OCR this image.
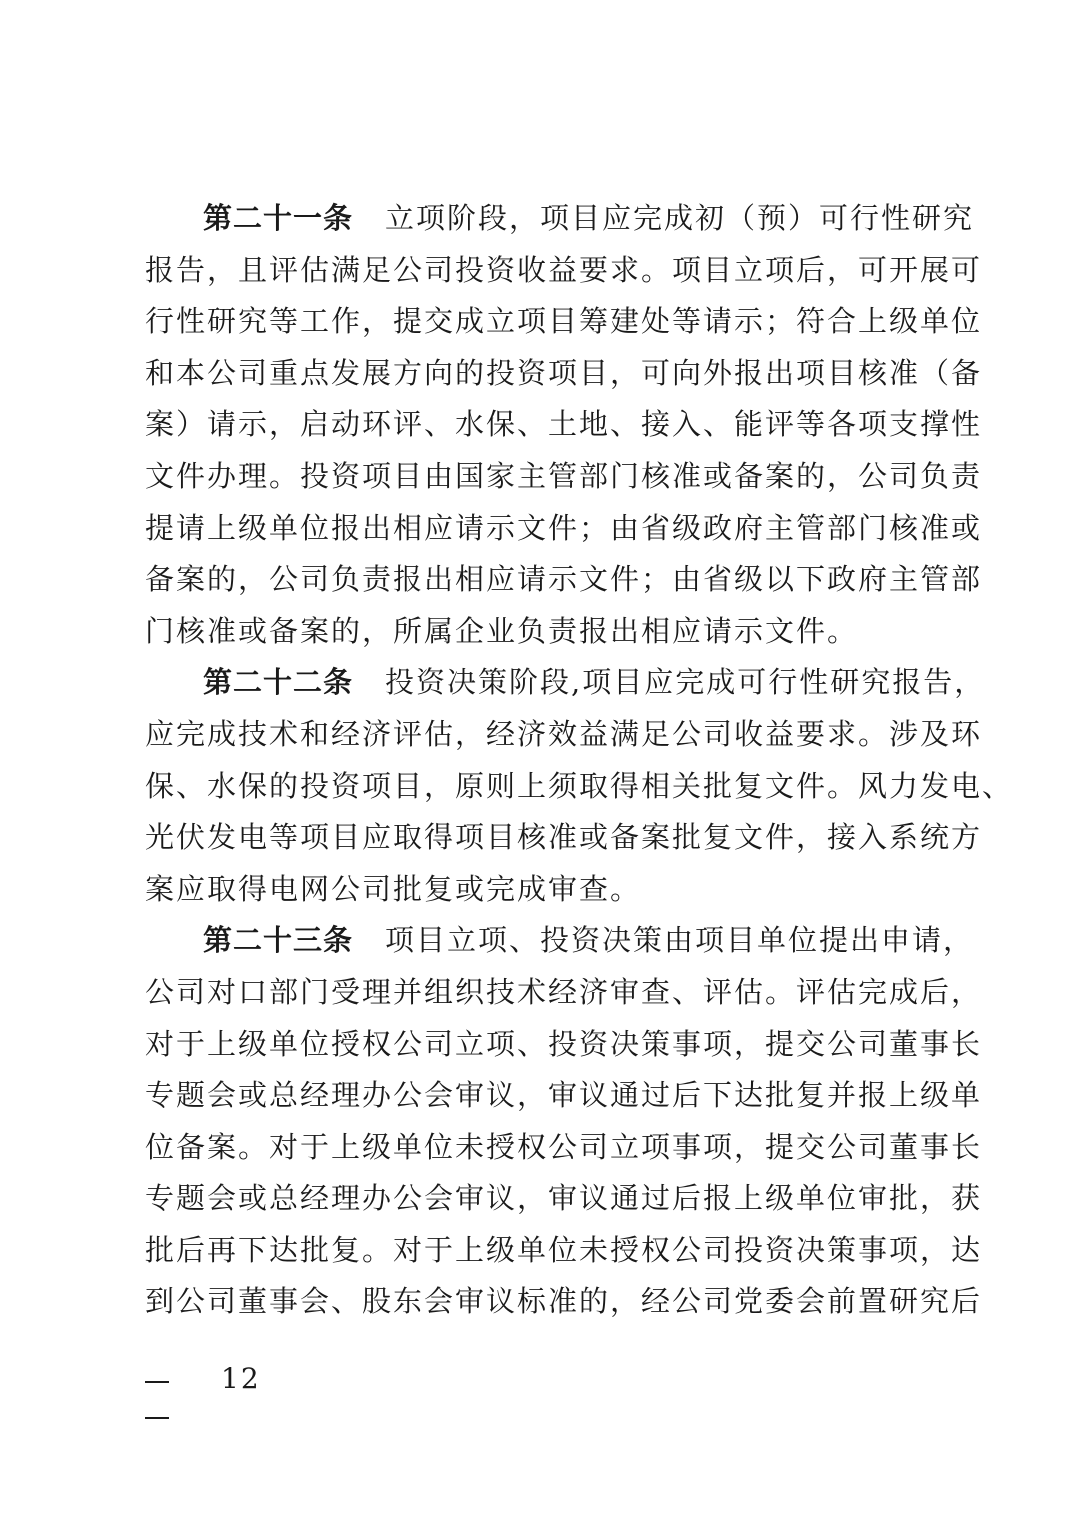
第二十一条 立项阶段，项目应完成初（预）可行性研究
报告，且评估满足公司投资收益要求。项目立项后，可开展可
行性研究等工作，提交成立项目筹建处等请示；符合上级单位
和本公司重点发展方向的投资项目，可向外报出项目核准（备
案）请示，启动环评、水保、土地、接入、能评等各项支撑性
文件办理。投资项目由国家主管部门核准或备案的，公司负责
提请上级单位报出相应请示文件；由省级政府主管部门核准或
备案的，公司负责报出相应请示文件；由省级以下政府主管部
门核准或备案的，所属企业负责报出相应请示文件。
第二十二条 投资决策阶段,项目应完成可行性研究报告，
应完成技术和经济评估，经济效益满足公司收益要求。涉及环
保、水保的投资项目，原则上须取得相关批复文件。风力发电、
光伏发电等项目应取得项目核准或备案批复文件，接入系统方
案应取得电网公司批复或完成审查。
第二十三条 项目立项、投资决策由项目单位提出申请，
公司对口部门受理并组织技术经济审查、评估。评估完成后，
对于上级单位授权公司立项、投资决策事项，提交公司董事长
专题会或总经理办公会审议，审议通过后下达批复并报上级单
位备案。对于上级单位未授权公司立项事项，提交公司董事长
专题会或总经理办公会审议，审议通过后报上级单位审批，获
批后再下达批复。对于上级单位未授权公司投资决策事项，达
到公司董事会、股东会审议标准的，经公司党委会前置研究后
12
